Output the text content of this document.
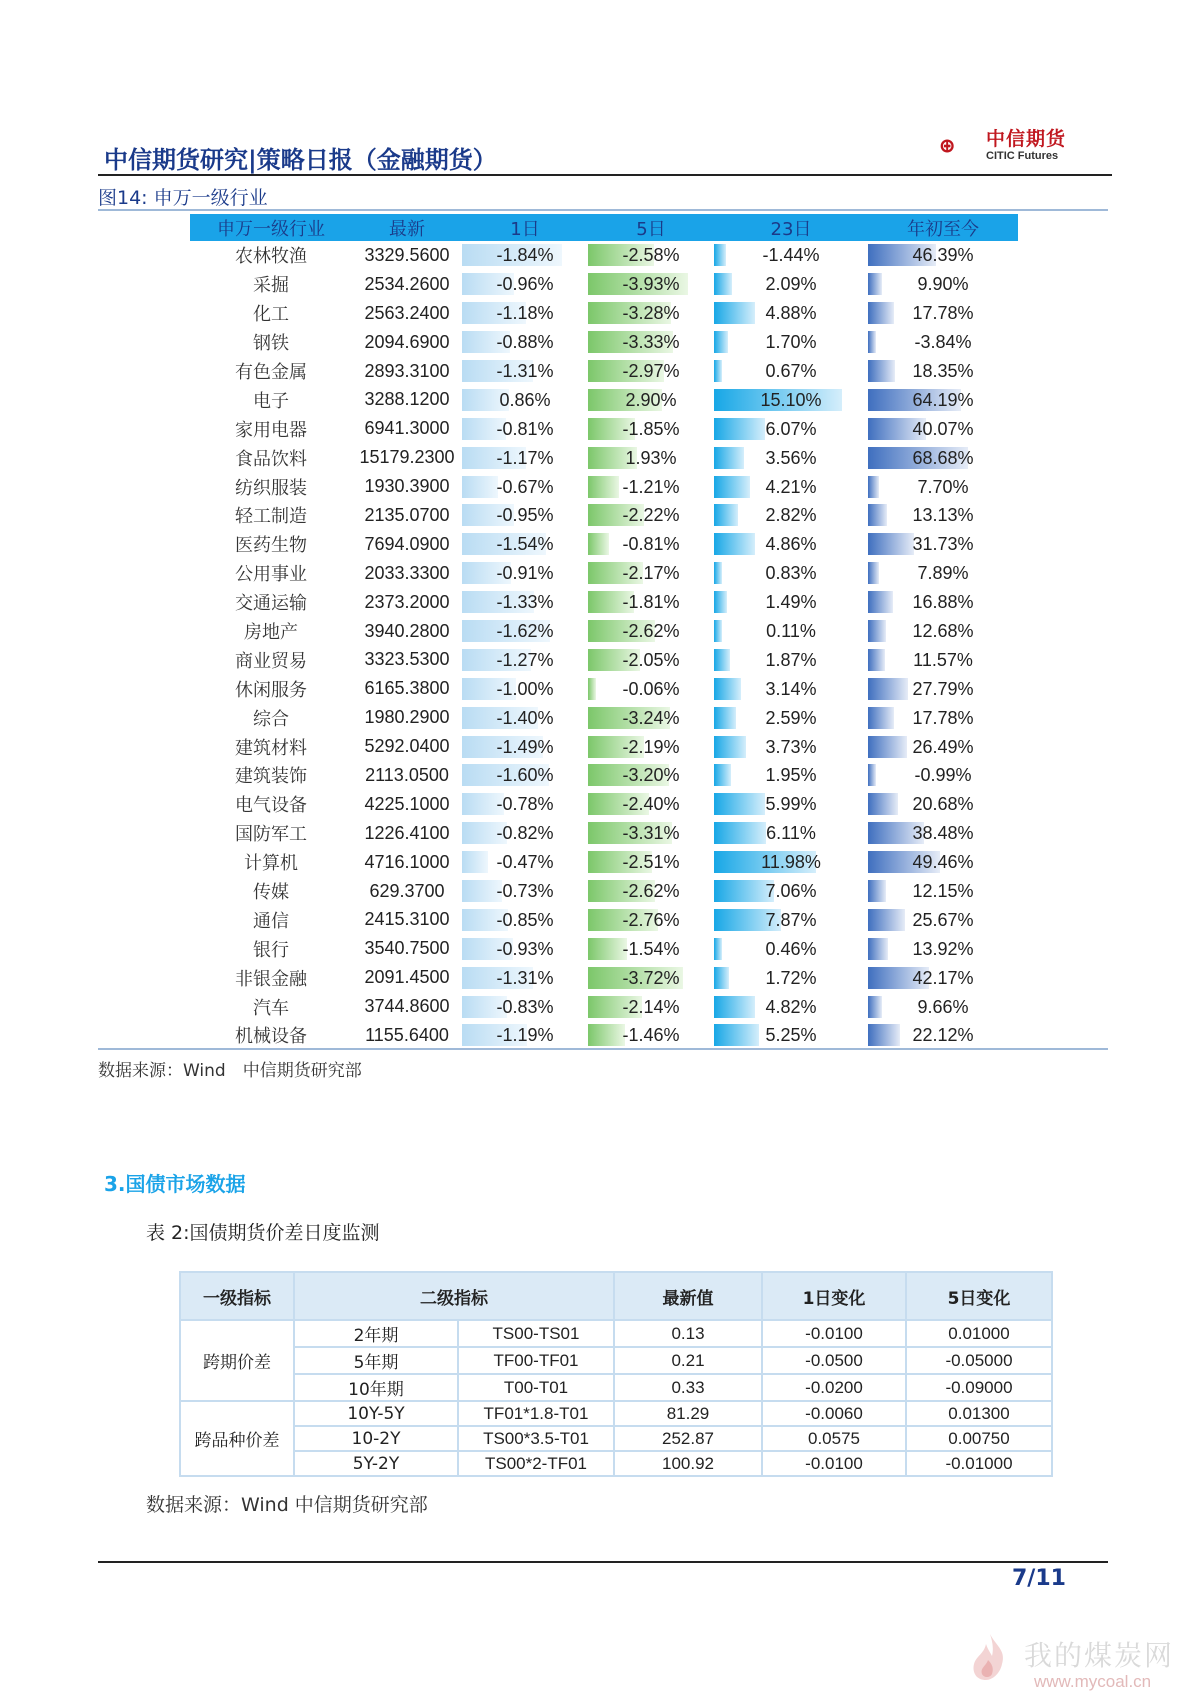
中信期货研究|策略日报（金融期货）
中信期货
CITIC Futures
图14: 申万一级行业
申万一级行业	最新	1日	5日	23日	年初至今
农林牧渔	3329.5600	-1.84%	-2.58%	-1.44%	46.39%
采掘	2534.2600	-0.96%	-3.93%	2.09%	9.90%
化工	2563.2400	-1.18%	-3.28%	4.88%	17.78%
钢铁	2094.6900	-0.88%	-3.33%	1.70%	-3.84%
有色金属	2893.3100	-1.31%	-2.97%	0.67%	18.35%
电子	3288.1200	0.86%	2.90%	15.10%	64.19%
家用电器	6941.3000	-0.81%	-1.85%	6.07%	40.07%
食品饮料	15179.2300	-1.17%	1.93%	3.56%	68.68%
纺织服装	1930.3900	-0.67%	-1.21%	4.21%	7.70%
轻工制造	2135.0700	-0.95%	-2.22%	2.82%	13.13%
医药生物	7694.0900	-1.54%	-0.81%	4.86%	31.73%
公用事业	2033.3300	-0.91%	-2.17%	0.83%	7.89%
交通运输	2373.2000	-1.33%	-1.81%	1.49%	16.88%
房地产	3940.2800	-1.62%	-2.62%	0.11%	12.68%
商业贸易	3323.5300	-1.27%	-2.05%	1.87%	11.57%
休闲服务	6165.3800	-1.00%	-0.06%	3.14%	27.79%
综合	1980.2900	-1.40%	-3.24%	2.59%	17.78%
建筑材料	5292.0400	-1.49%	-2.19%	3.73%	26.49%
建筑装饰	2113.0500	-1.60%	-3.20%	1.95%	-0.99%
电气设备	4225.1000	-0.78%	-2.40%	5.99%	20.68%
国防军工	1226.4100	-0.82%	-3.31%	6.11%	38.48%
计算机	4716.1000	-0.47%	-2.51%	11.98%	49.46%
传媒	629.3700	-0.73%	-2.62%	7.06%	12.15%
通信	2415.3100	-0.85%	-2.76%	7.87%	25.67%
银行	3540.7500	-0.93%	-1.54%	0.46%	13.92%
非银金融	2091.4500	-1.31%	-3.72%	1.72%	42.17%
汽车	3744.8600	-0.83%	-2.14%	4.82%	9.66%
机械设备	1155.6400	-1.19%	-1.46%	5.25%	22.12%
数据来源：Wind　中信期货研究部
3.国债市场数据
表 2:国债期货价差日度监测
一级指标	二级指标		最新值	1日变化	5日变化
跨期价差	2年期	TS00-TS01	0.13	-0.0100	0.01000
	5年期	TF00-TF01	0.21	-0.0500	-0.05000
	10年期	T00-T01	0.33	-0.0200	-0.09000
跨品种价差	10Y-5Y	TF01*1.8-T01	81.29	-0.0060	0.01300
	10-2Y	TS00*3.5-T01	252.87	0.0575	0.00750
	5Y-2Y	TS00*2-TF01	100.92	-0.0100	-0.01000
数据来源：Wind 中信期货研究部
7/11
我的煤炭网
www.mycoal.cn
